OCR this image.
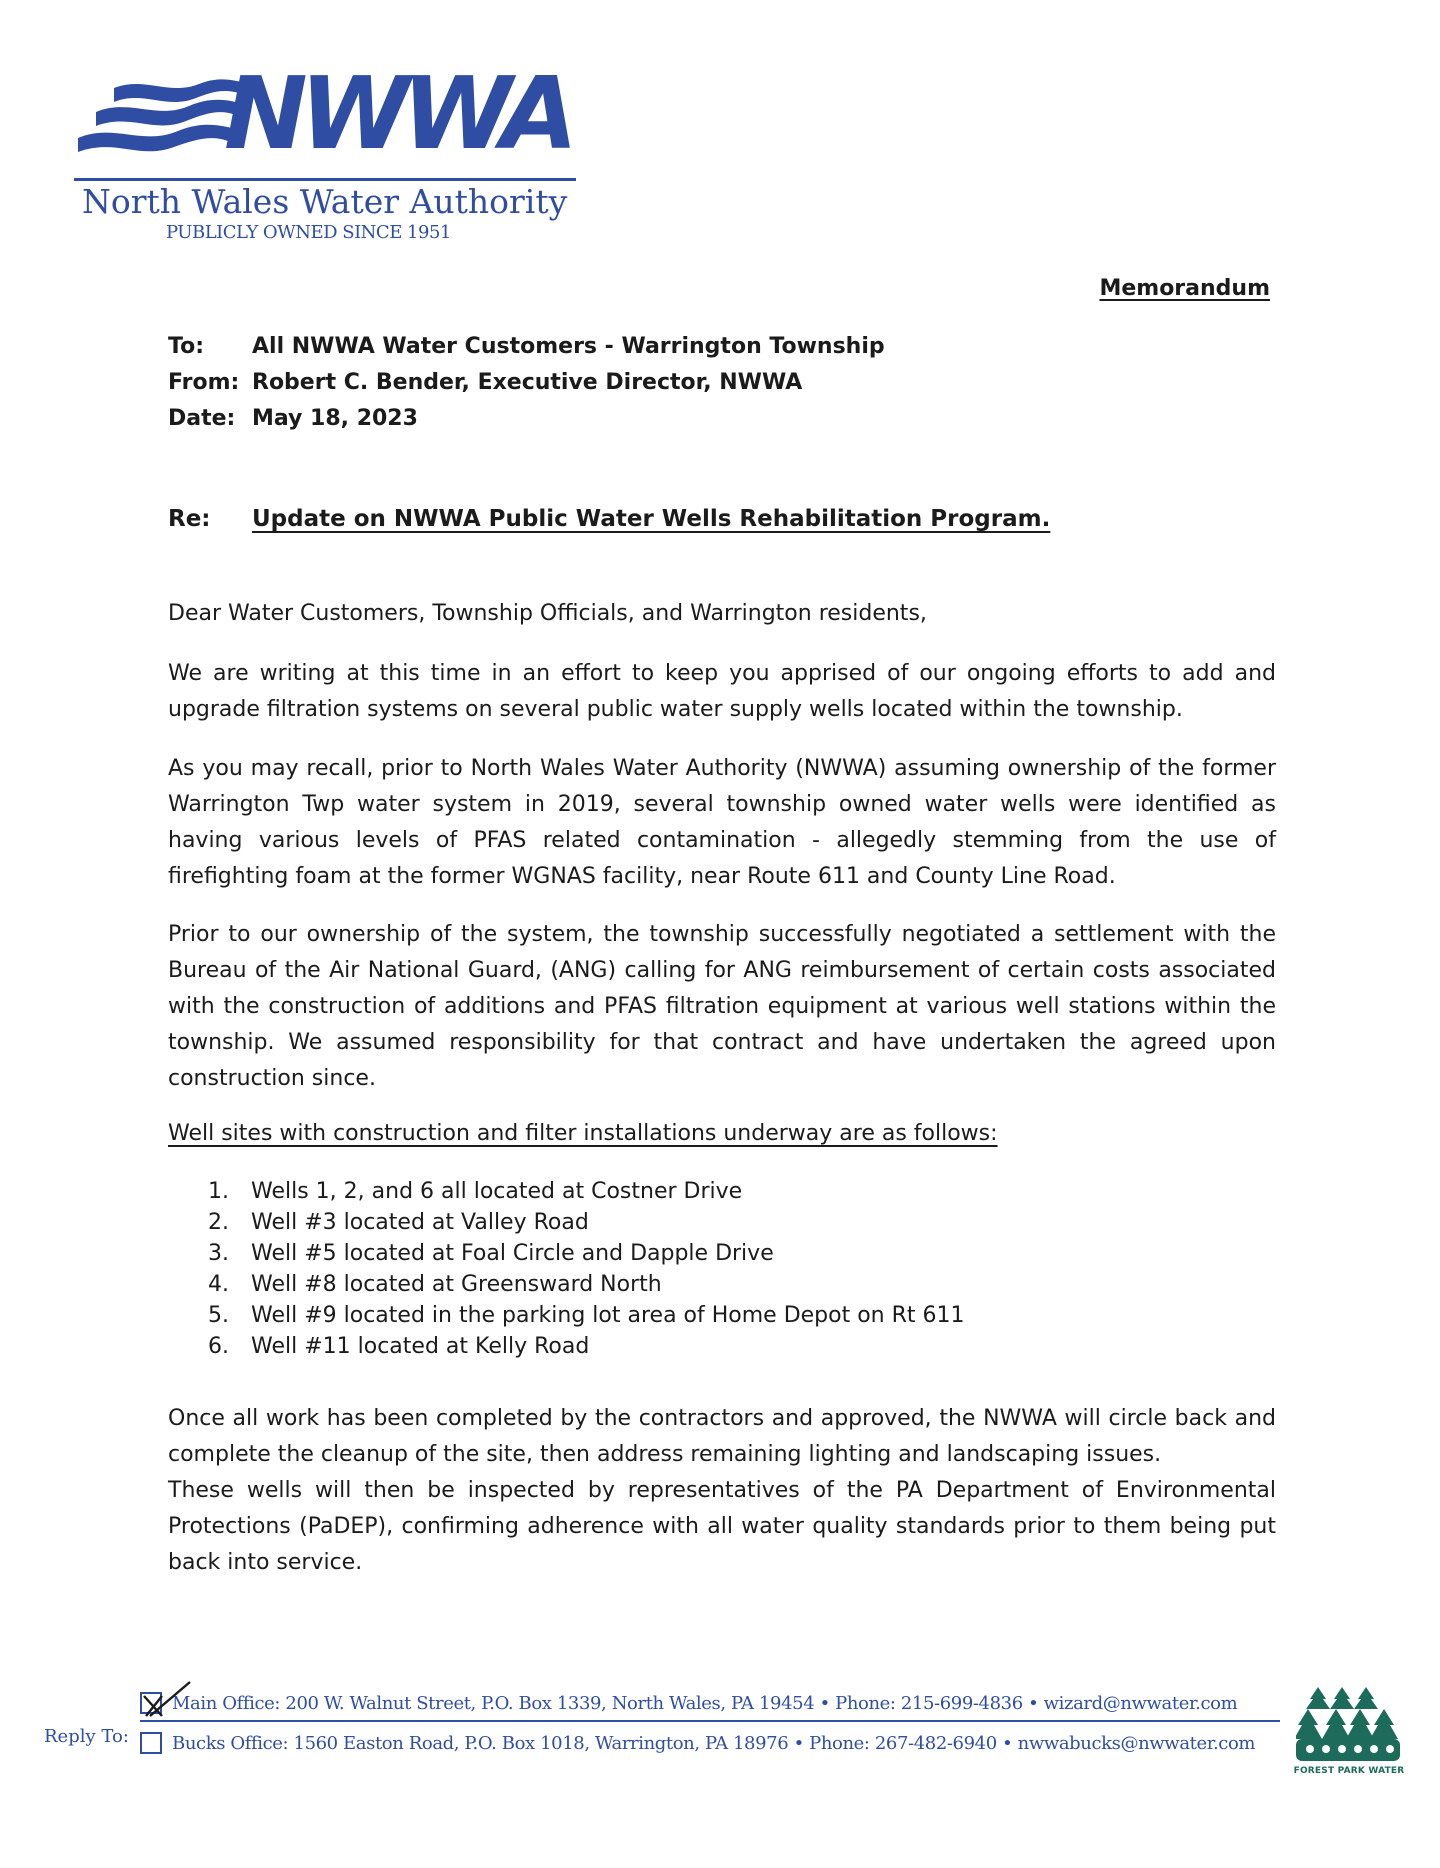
NWWA
North Wales Water Authority
PUBLICLY OWNED SINCE 1951
Memorandum
To:	All NWWA Water Customers - Warrington Township
From: Robert C. Bender, Executive Director, NWWA
Date: May 18, 2023
Re:	Update on NWWA Public Water Wells Rehabilitation Program.

Dear Water Customers, Township Officials, and Warrington residents,

We are writing at this time in an effort to keep you apprised of our ongoing efforts to add and upgrade filtration systems on several public water supply wells located within the township.

As you may recall, prior to North Wales Water Authority (NWWA) assuming ownership of the former Warrington Twp water system in 2019, several township owned water wells were identified as having various levels of PFAS related contamination - allegedly stemming from the use of firefighting foam at the former WGNAS facility, near Route 611 and County Line Road.

Prior to our ownership of the system, the township successfully negotiated a settlement with the Bureau of the Air National Guard, (ANG) calling for ANG reimbursement of certain costs associated with the construction of additions and PFAS filtration equipment at various well stations within the township. We assumed responsibility for that contract and have undertaken the agreed upon construction since.

Well sites with construction and filter installations underway are as follows:

1.	Wells 1, 2, and 6 all located at Costner Drive
2.	Well #3 located at Valley Road
3.	Well #5 located at Foal Circle and Dapple Drive
4.	Well #8 located at Greensward North
5.	Well #9 located in the parking lot area of Home Depot on Rt 611
6.	Well #11 located at Kelly Road

Once all work has been completed by the contractors and approved, the NWWA will circle back and complete the cleanup of the site, then address remaining lighting and landscaping issues.

These wells will then be inspected by representatives of the PA Department of Environmental Protections (PaDEP), confirming adherence with all water quality standards prior to them being put back into service.

Reply To:
Main Office: 200 W. Walnut Street, P.O. Box 1339, North Wales, PA 19454 • Phone: 215-699-4836 • wizard@nwwater.com
Bucks Office: 1560 Easton Road, P.O. Box 1018, Warrington, PA 18976 • Phone: 267-482-6940 • nwwabucks@nwwater.com
FOREST PARK WATER
